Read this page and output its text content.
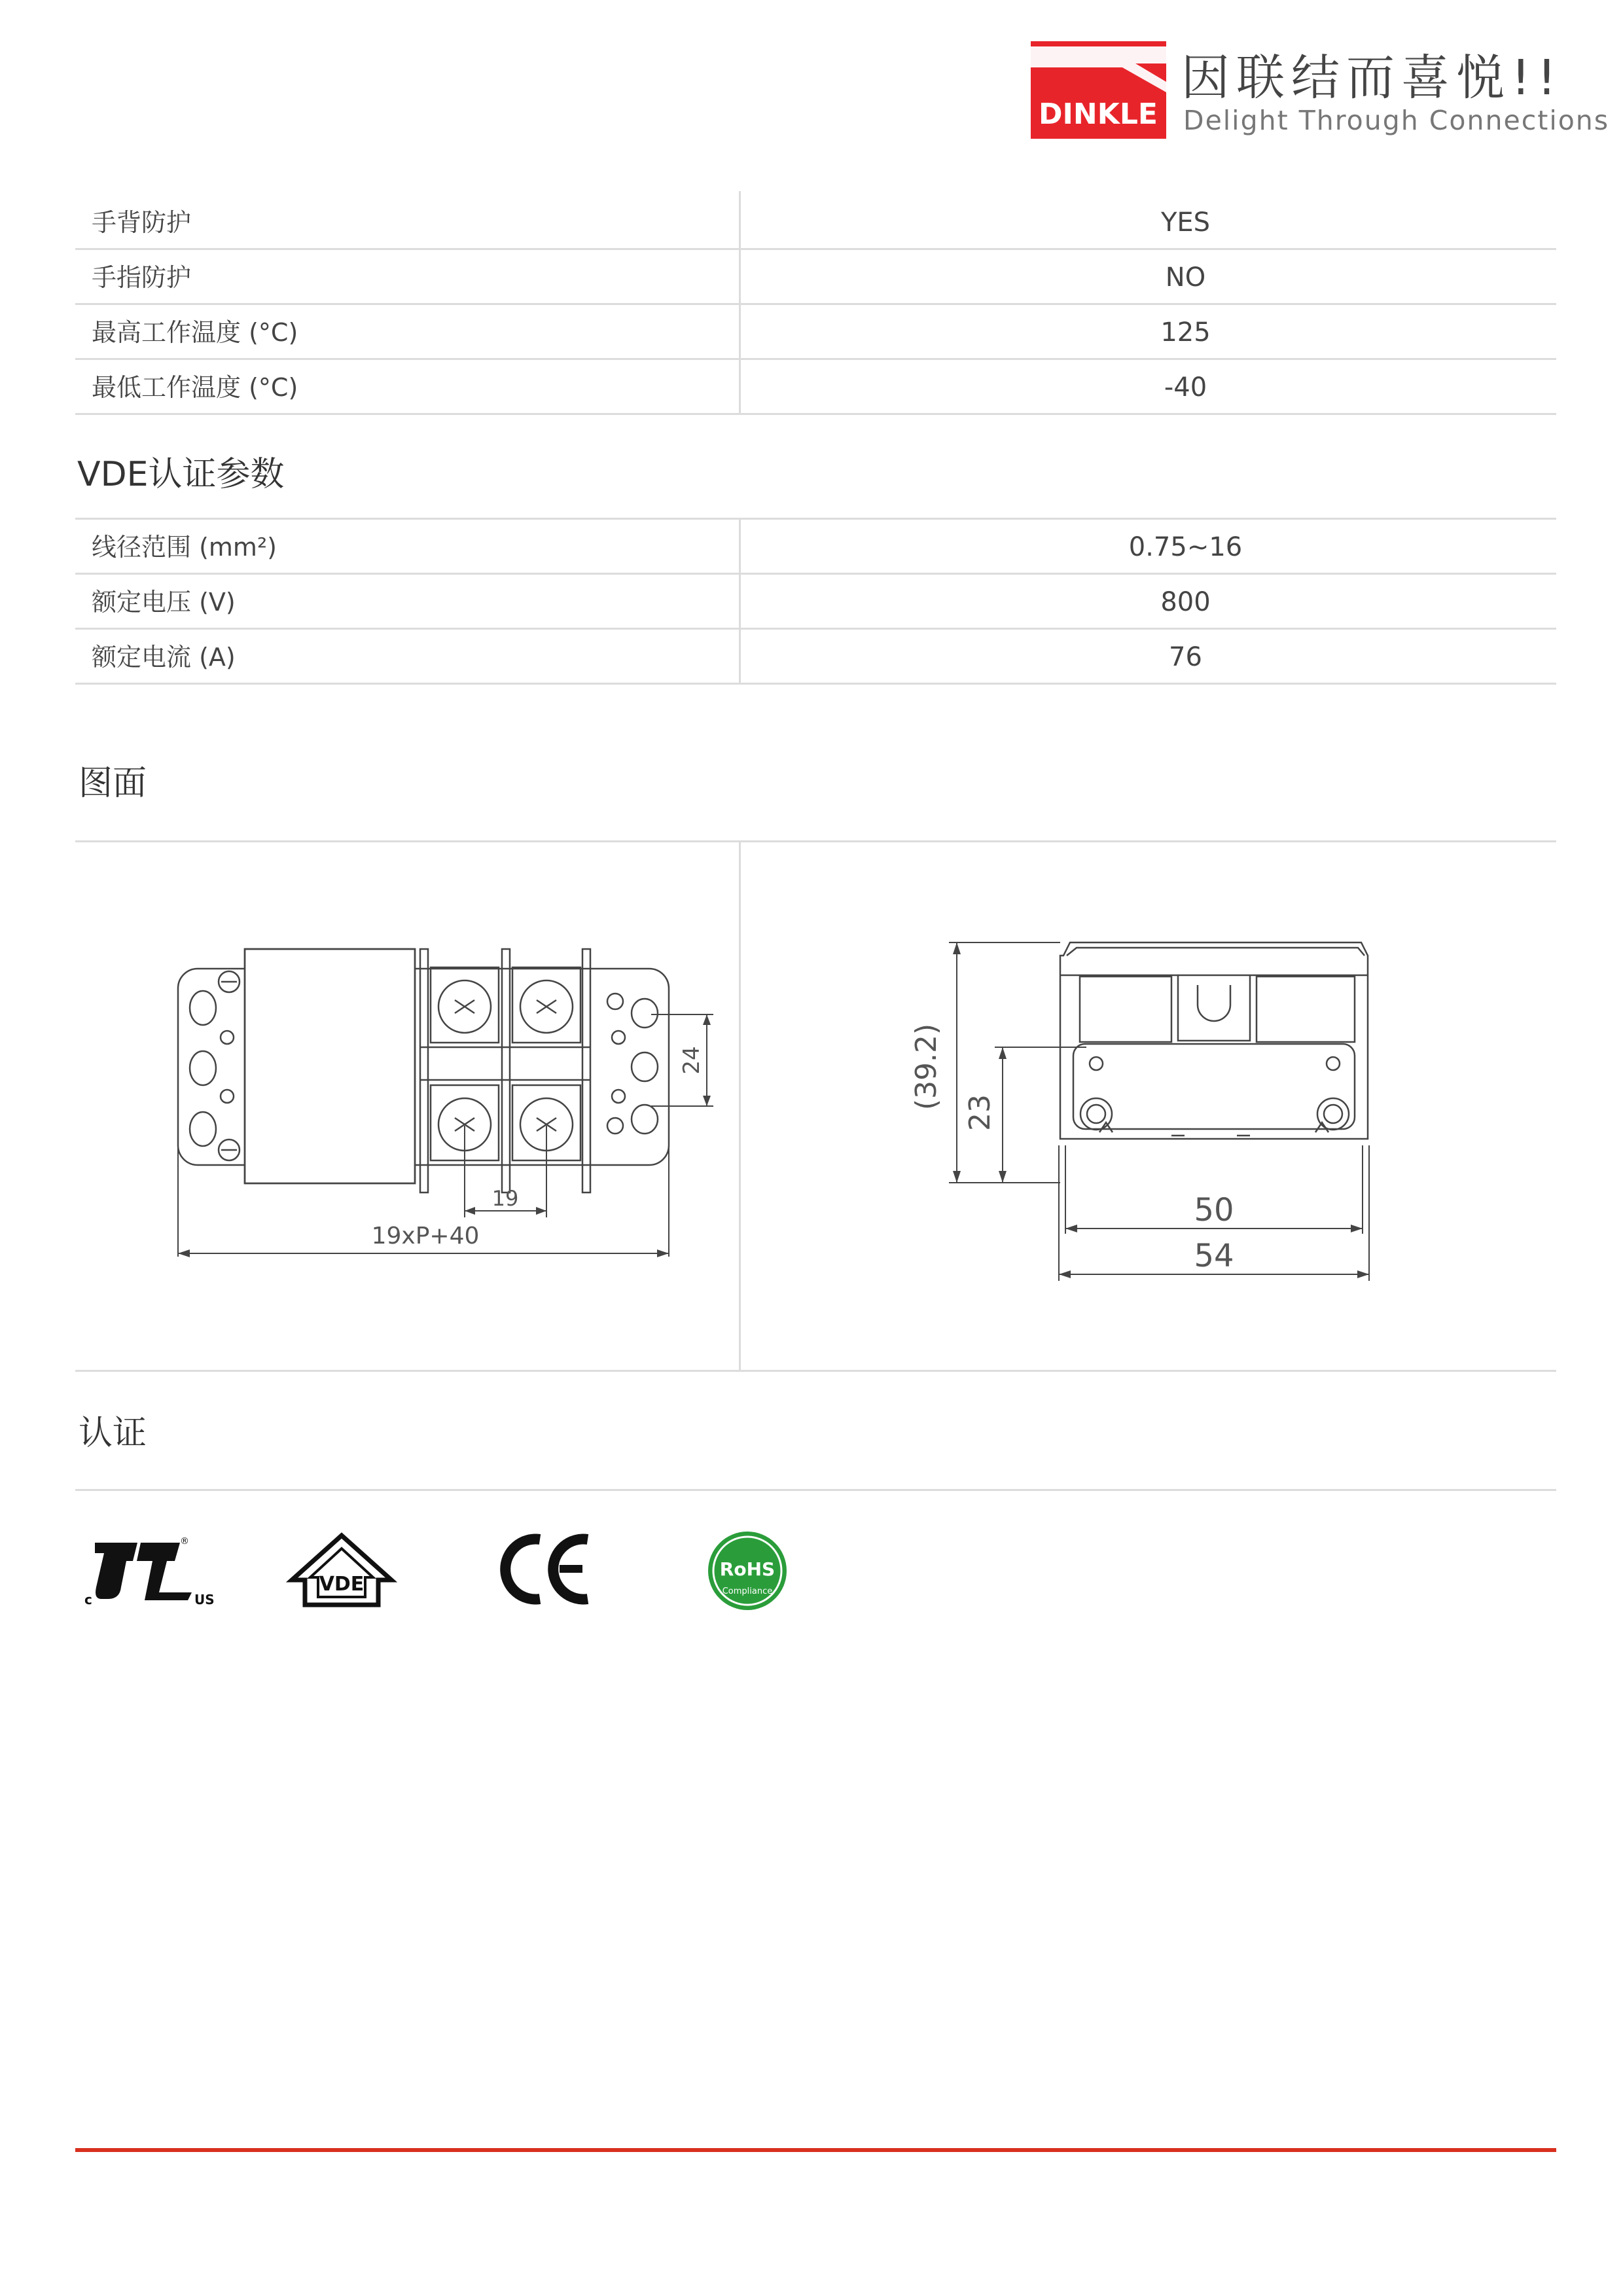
DINKLE
因联结而喜悦!!
Delight Through Connections
手背防护	YES
手指防护	NO
最高工作温度 (°C)	125
最低工作温度 (°C)	-40
VDE认证参数
线径范围 (mm²)	0.75~16
额定电压 (V)	800
额定电流 (A)	76
图面
19
19xP+40
24	(39.2)
23
50
54
认证
c	US
®
VDE
RoHS
Compliance
